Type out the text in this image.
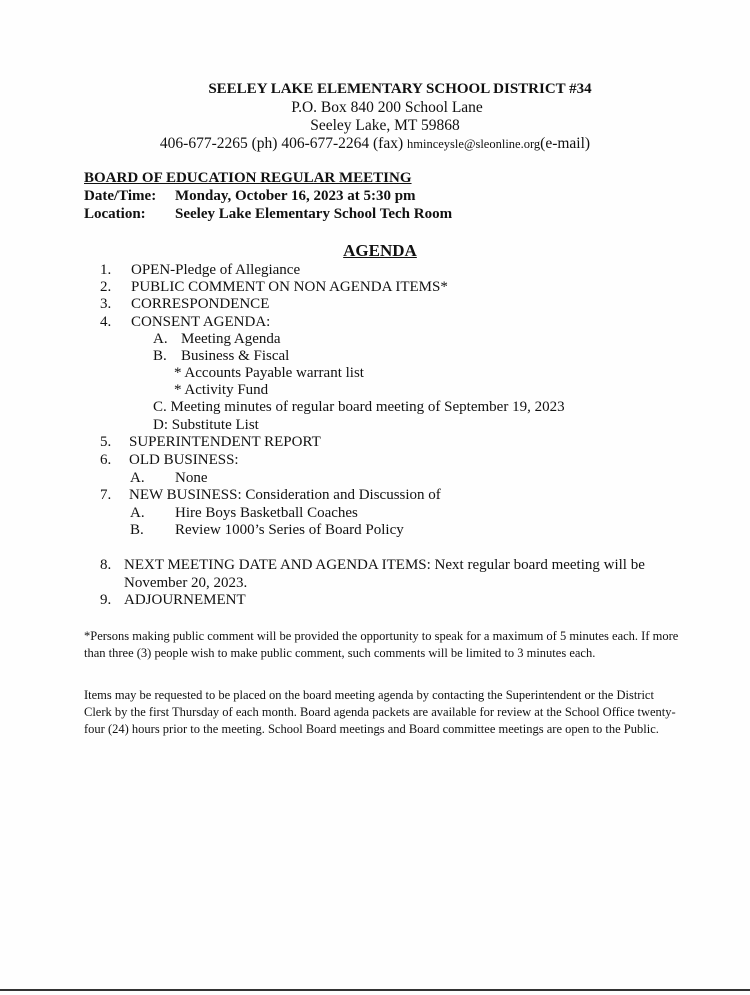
SEELEY LAKE ELEMENTARY SCHOOL DISTRICT #34
P.O. Box 840 200 School Lane
Seeley Lake, MT 59868
406-677-2265 (ph) 406-677-2264 (fax) hminceysle@sleonline.org(e-mail)
BOARD OF EDUCATION REGULAR MEETING
Date/Time: Monday, October 16, 2023 at 5:30 pm
Location: Seeley Lake Elementary School Tech Room
AGENDA
1. OPEN-Pledge of Allegiance
2. PUBLIC COMMENT ON NON AGENDA ITEMS*
3. CORRESPONDENCE
4. CONSENT AGENDA:
A. Meeting Agenda
B. Business & Fiscal
* Accounts Payable warrant list
* Activity Fund
C. Meeting minutes of regular board meeting of September 19, 2023
D: Substitute List
5. SUPERINTENDENT REPORT
6. OLD BUSINESS:
A. None
7. NEW BUSINESS: Consideration and Discussion of
A. Hire Boys Basketball Coaches
B. Review 1000’s Series of Board Policy
8. NEXT MEETING DATE AND AGENDA ITEMS: Next regular board meeting will be
November 20, 2023.
9. ADJOURNEMENT
*Persons making public comment will be provided the opportunity to speak for a maximum of 5 minutes each. If more than three (3) people wish to make public comment, such comments will be limited to 3 minutes each.
Items may be requested to be placed on the board meeting agenda by contacting the Superintendent or the District Clerk by the first Thursday of each month. Board agenda packets are available for review at the School Office twenty-four (24) hours prior to the meeting. School Board meetings and Board committee meetings are open to the Public.
